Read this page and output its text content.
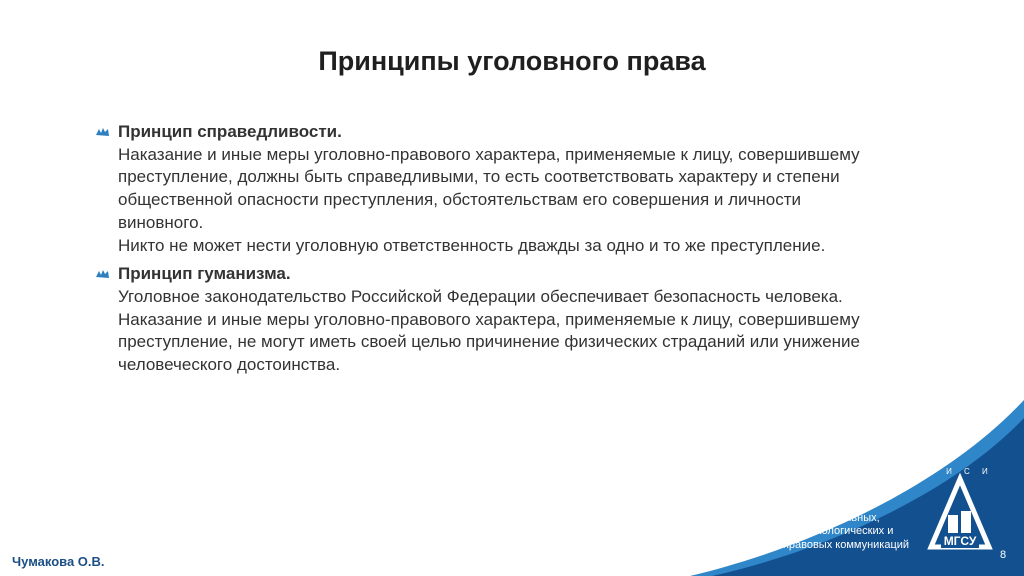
Принципы уголовного права

Принцип справедливости.

Наказание и иные меры уголовно-правового характера, применяемые к лицу, совершившему преступление, должны быть справедливыми, то есть соответствовать характеру и степени общественной опасности преступления, обстоятельствам его совершения и личности виновного.

Никто не может нести уголовную ответственность дважды за одно и то же преступление.

Принцип гуманизма.

Уголовное законодательство Российской Федерации обеспечивает безопасность человека.

Наказание и иные меры уголовно-правового характера, применяемые к лицу, совершившему преступление, не могут иметь своей целью причинение физических страданий или унижение человеческого достоинства.

Кафедра
Социальных,
психологических и
правовых коммуникаций
М И С И
МГСУ
8
Чумакова О.В.
